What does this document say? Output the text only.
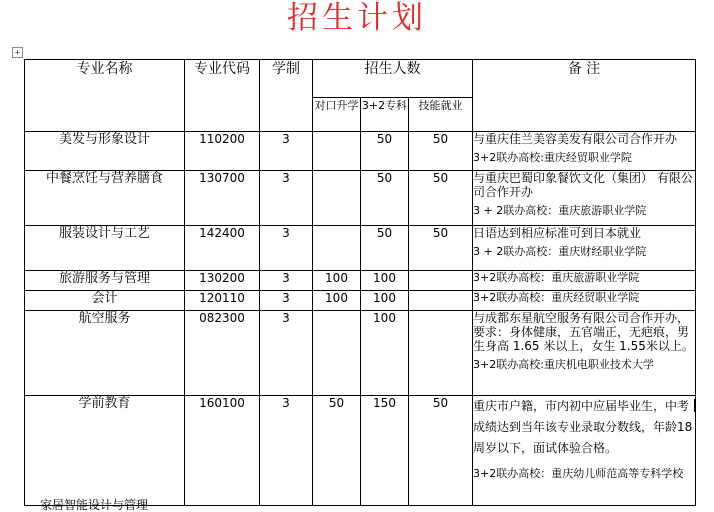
招生计划
+
专业名称	专业代码	学制	招生人数			备 注
			对口升学	3+2专科	技能就业	
美发与形象设计	110200	3		50	50	与重庆佳兰美容美发有限公司合作开办

3+2联办高校:重庆经贸职业学院

中餐烹饪与营养膳食	130700	3		50	50	与重庆巴蜀印象餐饮文化（集团） 有限公司合作开办

3 + 2联办高校：重庆旅游职业学院

服装设计与工艺	142400	3		50	50	日语达到相应标准可到日本就业

3 + 2联办高校：重庆财经职业学院

旅游服务与管理	130200	3	100	100		3+2联办高校：重庆旅游职业学院

会计	120110	3	100	100		3+2联办高校：重庆经贸职业学院

航空服务	082300	3		100		与成都东星航空服务有限公司合作开办，要求：身体健康，五官端正，无疤痕，男生身高 1.65 米以上，女生 1.55米以上。

3+2联办高校:重庆机电职业技术大学

学前教育	160100	3	50	150	50	重庆市户籍，市内初中应届毕业生，中考成绩达到当年该专业录取分数线，年龄18周岁以下，面试体验合格。

3+2联办高校：重庆幼儿师范高等专科学校

家居智能设计与管理
